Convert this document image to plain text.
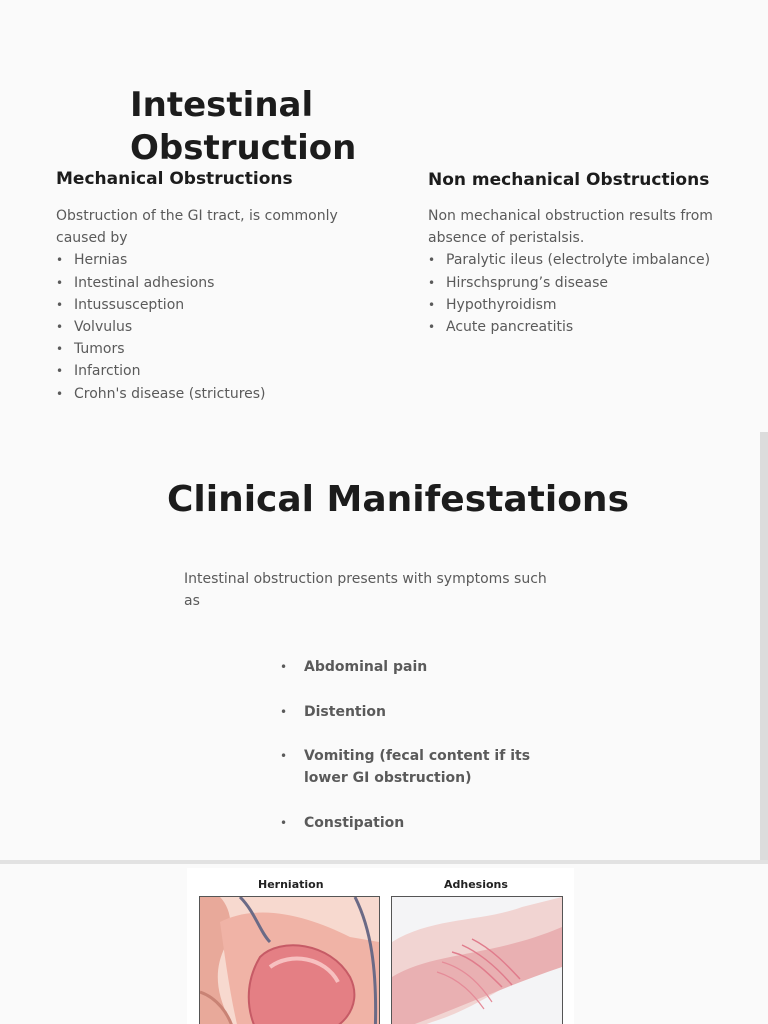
Intestinal
Obstruction
Mechanical Obstructions
Obstruction of the GI tract, is commonly caused by
• Hernias
• Intestinal adhesions
• Intussusception
• Volvulus
• Tumors
• Infarction
• Crohn's disease (strictures)
Non mechanical Obstructions
Non mechanical obstruction results from absence of peristalsis.
• Paralytic ileus (electrolyte imbalance)
• Hirschsprung’s disease
• Hypothyroidism
• Acute pancreatitis
Clinical Manifestations

Intestinal obstruction presents with symptoms such as

• Abdominal pain
• Distention
• Vomiting (fecal content if its lower GI obstruction)
• Constipation
Herniation	Adhesions
